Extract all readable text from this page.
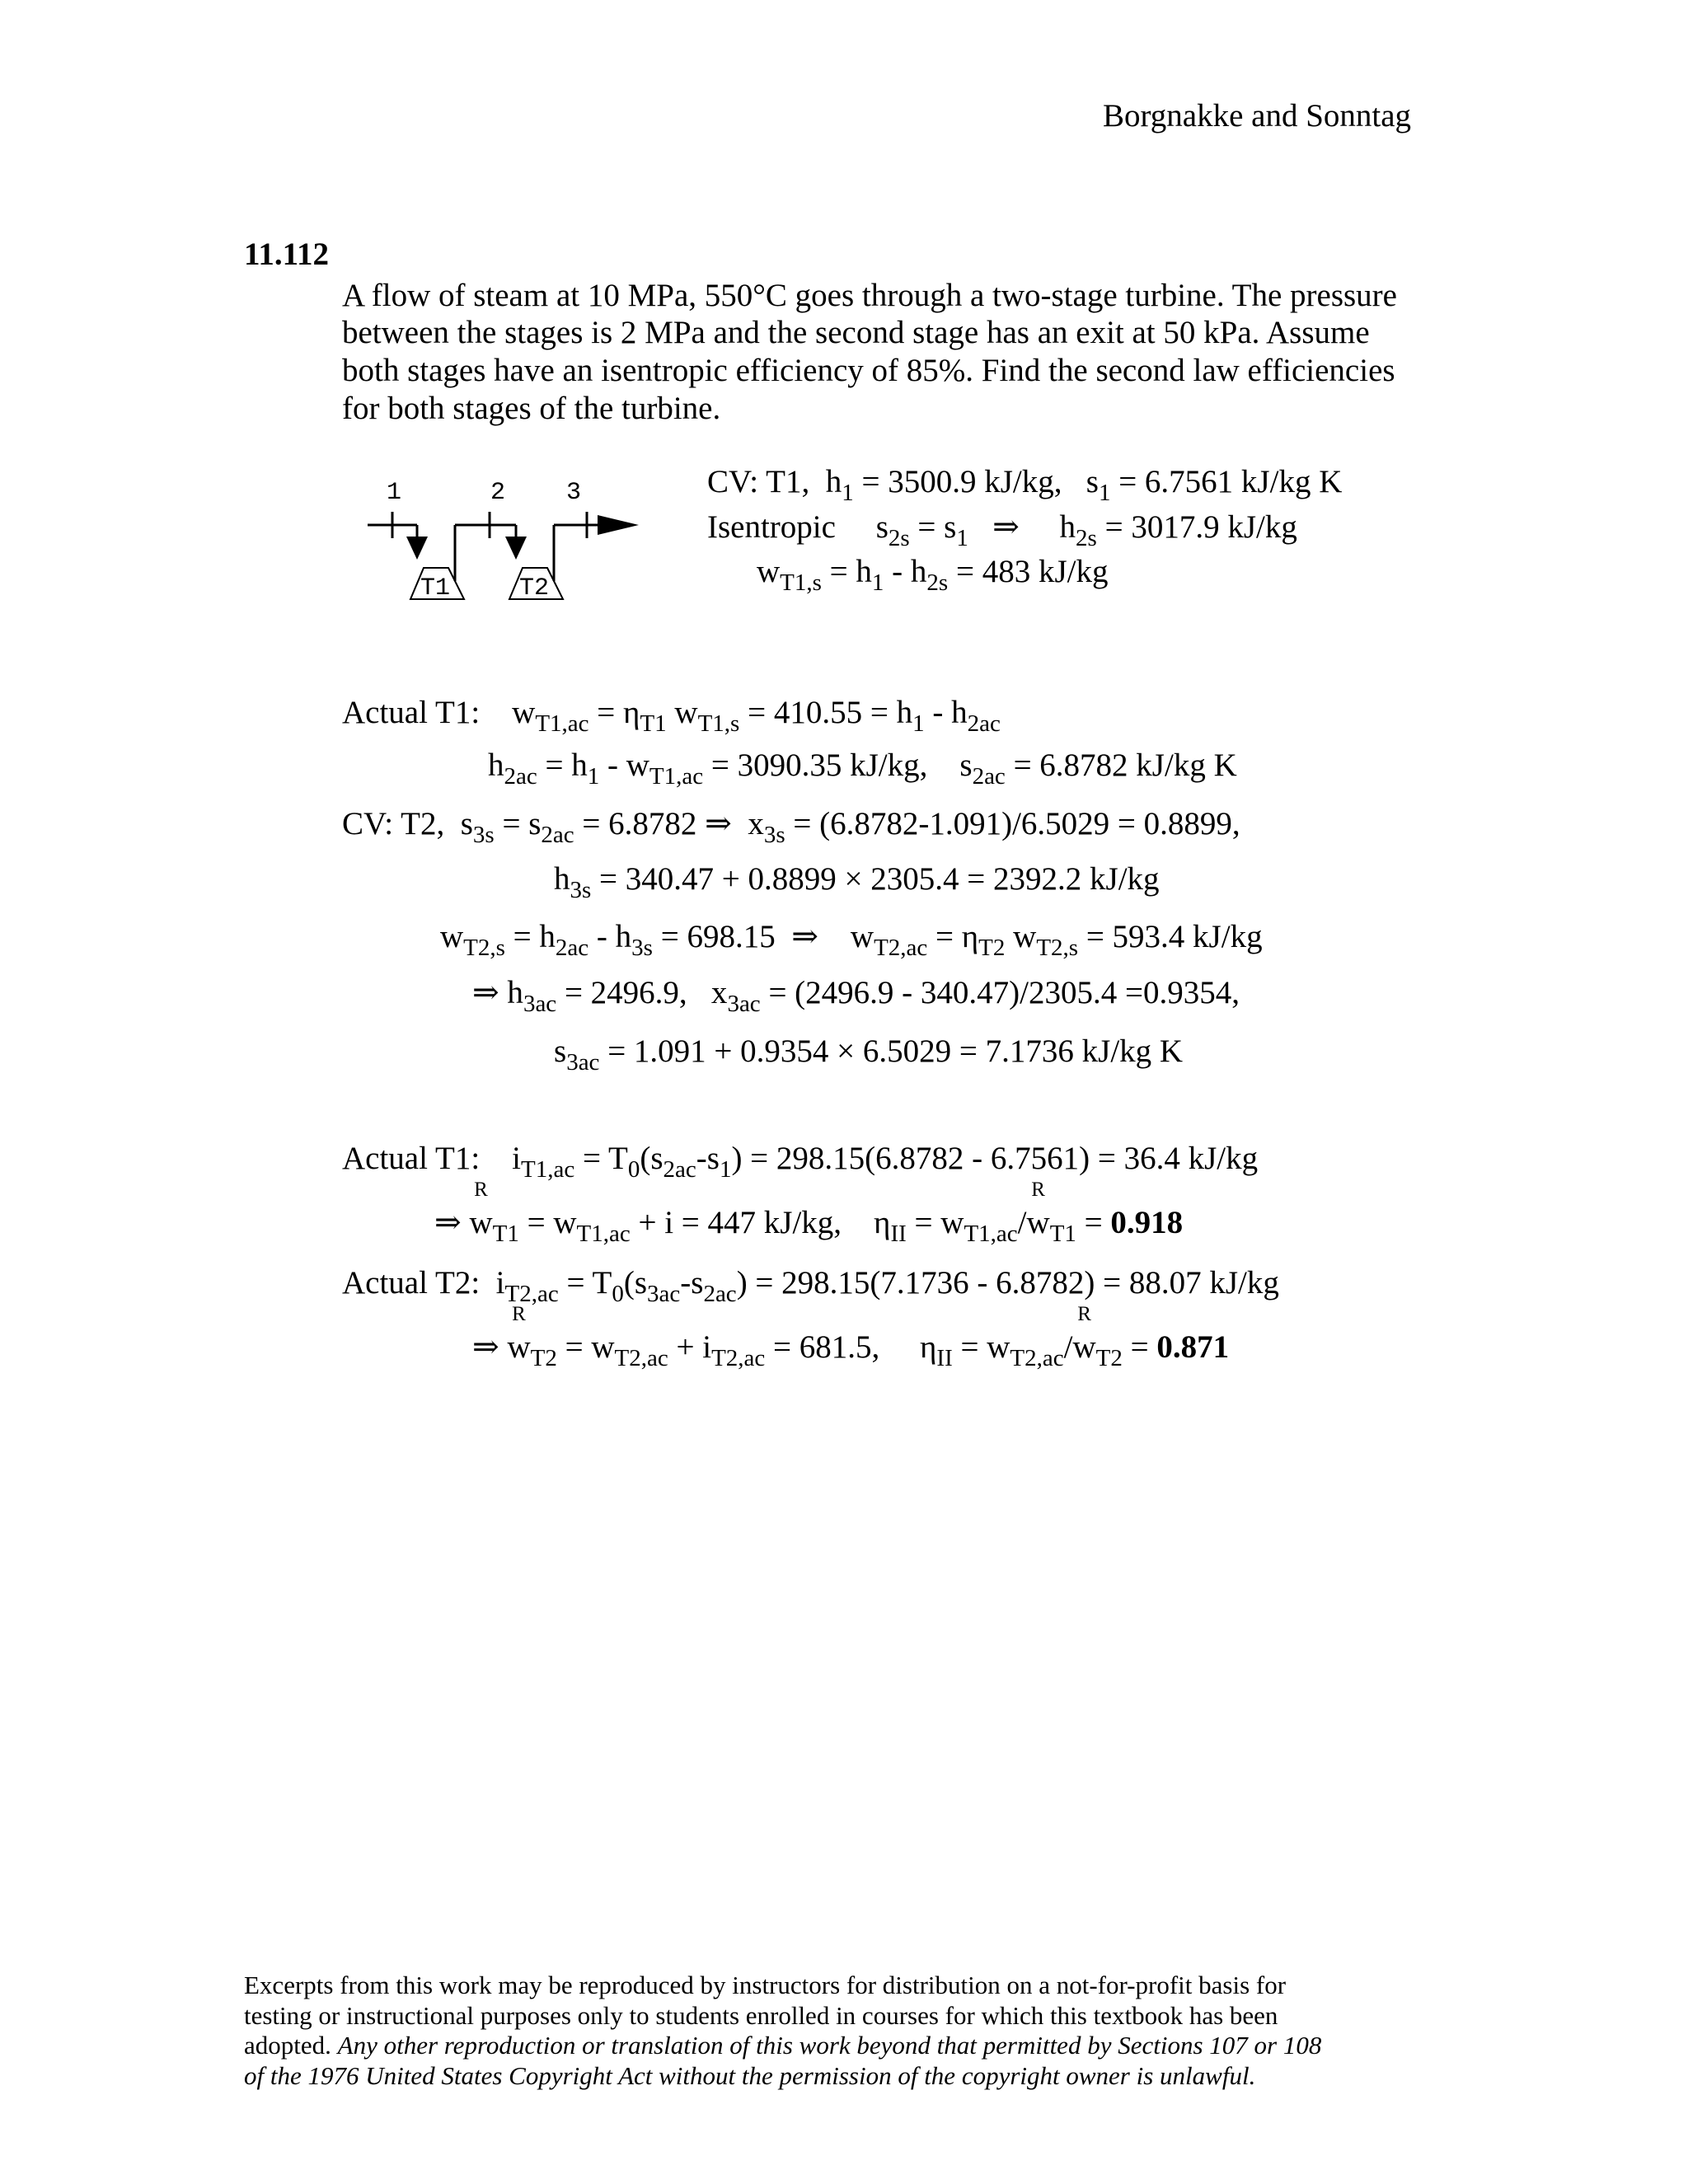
Borgnakke and Sonntag
11.112
A flow of steam at 10 MPa, 550°C goes through a two-stage turbine. The pressure
between the stages is 2 MPa and the second stage has an exit at 50 kPa. Assume
both stages have an isentropic efficiency of 85%. Find the second law efficiencies
for both stages of the turbine.
1	2 3
T1	T2
CV: T1,  $h_1 = 3500.9$ kJ/kg,   $s_1 = 6.7561$ kJ/kg K
Isentropic     $s_{2s} = s_1$   ⇒     $h_{2s} = 3017.9$ kJ/kg
$w_{T1,s} = h_1 - h_{2s} = 483$ kJ/kg
Actual T1:    $w_{T1,ac} = \eta_{T1}$ $w_{T1,s} = 410.55 = h_1 - h_{2ac}$
$h_{2ac} = h_1 - w_{T1,ac} = 3090.35$ kJ/kg,    $s_{2ac} = 6.8782$ kJ/kg K
CV: T2,  $s_{3s} = s_{2ac} = 6.8782$ ⇒  $x_{3s} = (6.8782-1.091)/6.5029 = 0.8899$,
$h_{3s} = 340.47 + 0.8899 \times 2305.4 = 2392.2$ kJ/kg
$w_{T2,s} = h_{2ac} - h_{3s} = 698.15$  ⇒    $w_{T2,ac} = \eta_{T2}$ $w_{T2,s} = 593.4$ kJ/kg
⇒ $h_{3ac} = 2496.9$,   $x_{3ac} = (2496.9 - 340.47)/2305.4 =0.9354$,
$s_{3ac} = 1.091 + 0.9354 \times 6.5029 = 7.1736$ kJ/kg K
Actual T1:    $i_{T1,ac} = T_0(s_{2ac}-s_1) = 298.15(6.8782 - 6.7561) = 36.4$ kJ/kg
⇒ w
R
$_{T1} = w_{T1,ac} + i = 447$ kJ/kg,    $\eta_{II} = w_{T1,ac}/w$
R
$_{T1}$ = 0.918
Actual T2:  $i_{T2,ac} = T_0(s_{3ac}-s_{2ac}) = 298.15(7.1736 - 6.8782) = 88.07$ kJ/kg
⇒ w
R
$_{T2} = w_{T2,ac} + i_{T2,ac} = 681.5$,     $\eta_{II} = w_{T2,ac}/w$
R
$_{T2}$ = 0.871
Excerpts from this work may be reproduced by instructors for distribution on a not-for-profit basis for
testing or instructional purposes only to students enrolled in courses for which this textbook has been
adopted. Any other reproduction or translation of this work beyond that permitted by Sections 107 or 108
of the 1976 United States Copyright Act without the permission of the copyright owner is unlawful.
